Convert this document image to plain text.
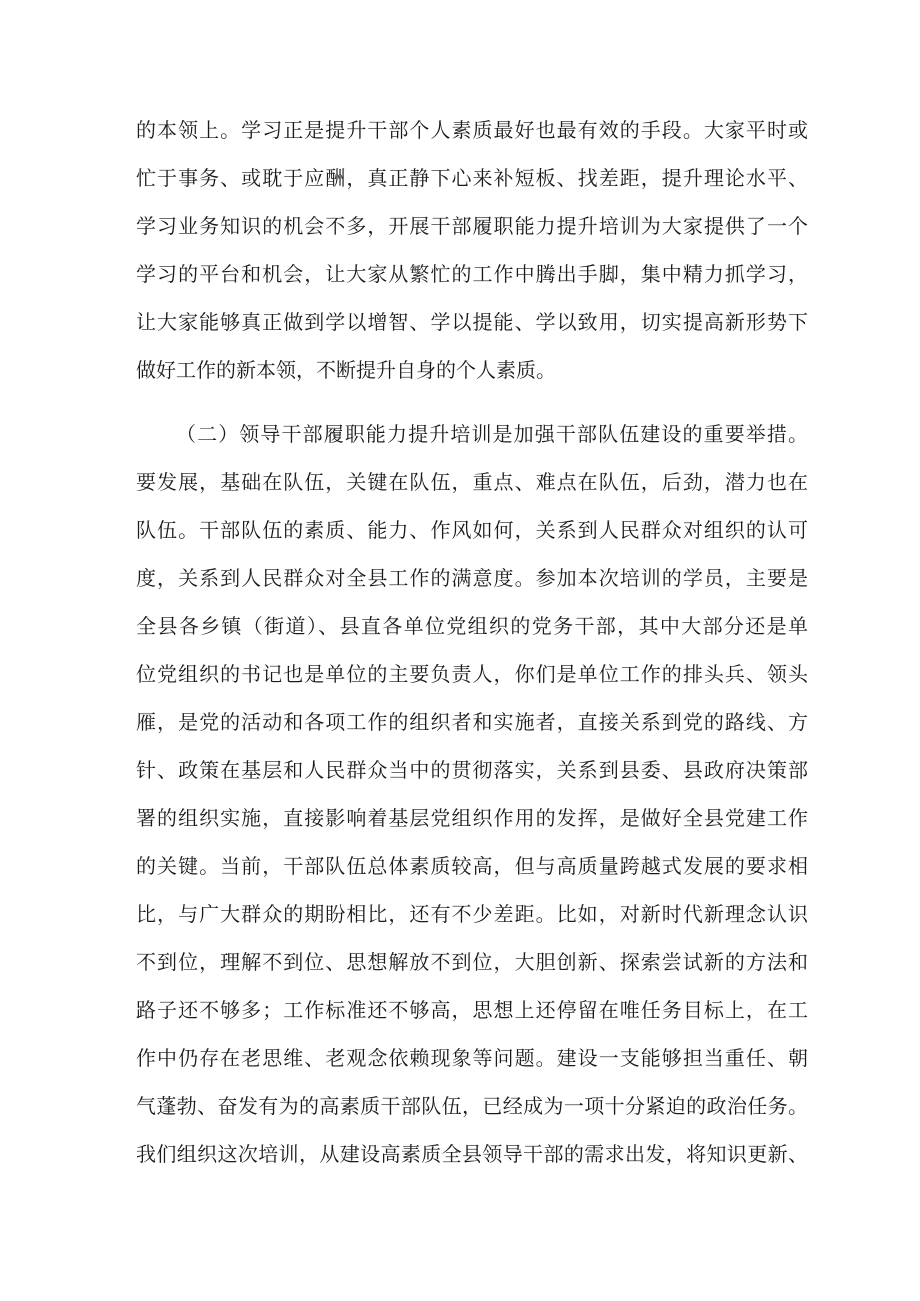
的本领上。学习正是提升干部个人素质最好也最有效的手段。大家平时或
忙于事务、或耽于应酬，真正静下心来补短板、找差距，提升理论水平、
学习业务知识的机会不多，开展干部履职能力提升培训为大家提供了一个
学习的平台和机会，让大家从繁忙的工作中腾出手脚，集中精力抓学习，
让大家能够真正做到学以增智、学以提能、学以致用，切实提高新形势下
做好工作的新本领，不断提升自身的个人素质。
（二）领导干部履职能力提升培训是加强干部队伍建设的重要举措。
要发展，基础在队伍，关键在队伍，重点、难点在队伍，后劲，潜力也在
队伍。干部队伍的素质、能力、作风如何，关系到人民群众对组织的认可
度，关系到人民群众对全县工作的满意度。参加本次培训的学员，主要是
全县各乡镇（街道）、县直各单位党组织的党务干部，其中大部分还是单
位党组织的书记也是单位的主要负责人，你们是单位工作的排头兵、领头
雁，是党的活动和各项工作的组织者和实施者，直接关系到党的路线、方
针、政策在基层和人民群众当中的贯彻落实，关系到县委、县政府决策部
署的组织实施，直接影响着基层党组织作用的发挥，是做好全县党建工作
的关键。当前，干部队伍总体素质较高，但与高质量跨越式发展的要求相
比，与广大群众的期盼相比，还有不少差距。比如，对新时代新理念认识
不到位，理解不到位、思想解放不到位，大胆创新、探索尝试新的方法和
路子还不够多；工作标准还不够高，思想上还停留在唯任务目标上，在工
作中仍存在老思维、老观念依赖现象等问题。建设一支能够担当重任、朝
气蓬勃、奋发有为的高素质干部队伍，已经成为一项十分紧迫的政治任务。
我们组织这次培训，从建设高素质全县领导干部的需求出发，将知识更新、
